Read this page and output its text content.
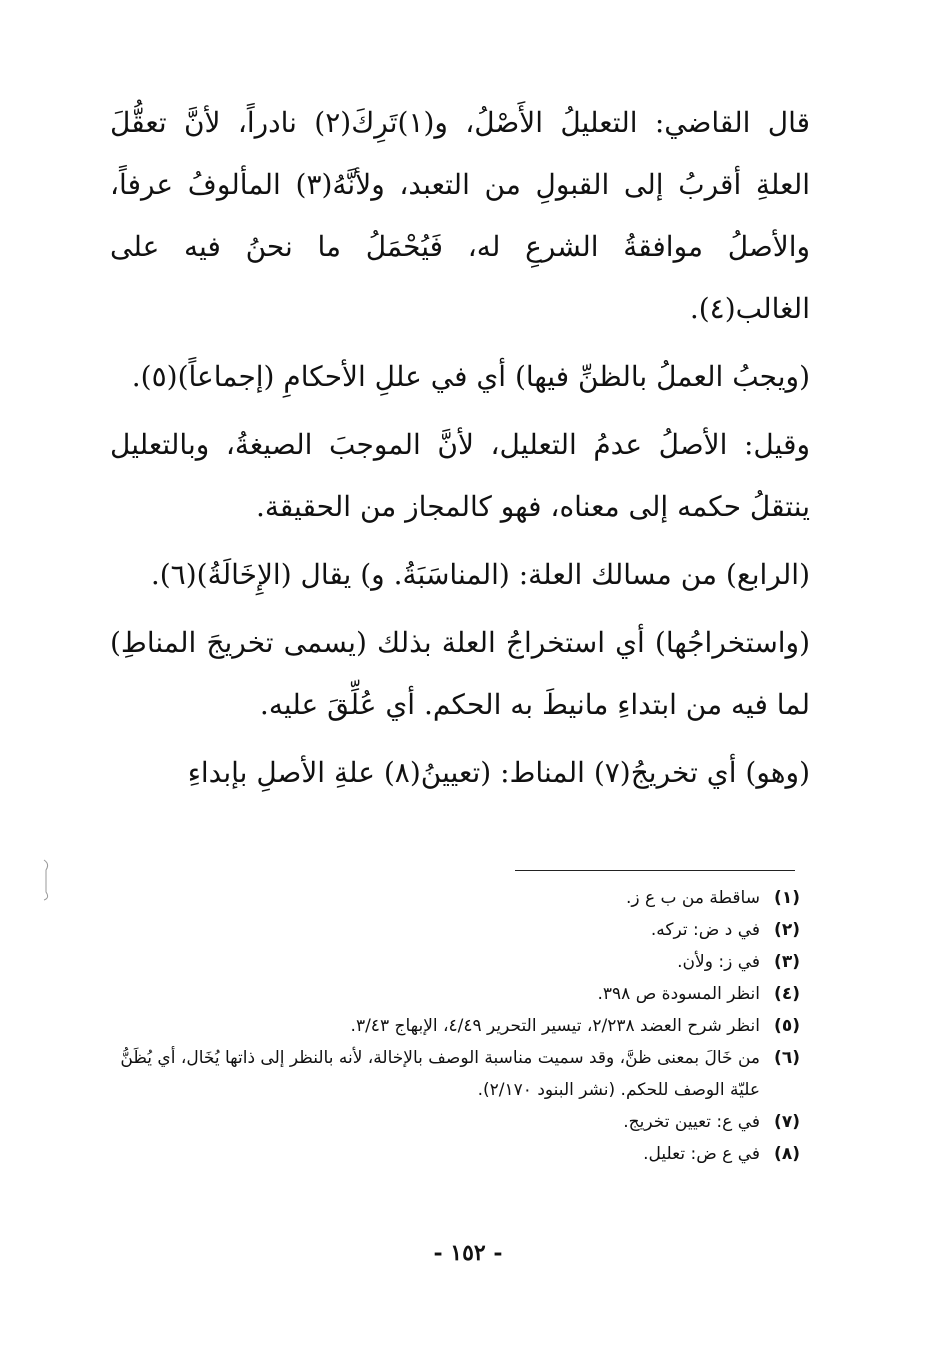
قال القاضي: التعليلُ الأَصْلُ، و(١)تَرِكَ(٢) نادراً، لأنَّ تعقُّلَ العلةِ أقربُ إلى القبولِ من التعبد، ولأنَّهُ(٣) المألوفُ عرفاً، والأصلُ موافقةُ الشرعِ له، فَيُحْمَلُ ما نحنُ فيه على الغالب(٤).

(ويجبُ العملُ بالظنِّ فيها) أي في عللِ الأحكامِ (إجماعاً)(٥).

وقيل: الأصلُ عدمُ التعليل، لأنَّ الموجبَ الصيغةُ، وبالتعليل ينتقلُ حكمه إلى معناه، فهو كالمجاز من الحقيقة.

(الرابع) من مسالك العلة: (المناسَبَةُ. و) يقال (الإِخَالَةُ)(٦).

(واستخراجُها) أي استخراجُ العلة بذلك (يسمى تخريجَ المناطِ) لما فيه من ابتداءِ مانيطَ به الحكم. أي عُلِّقَ عليه.

(وهو) أي تخريجُ(٧) المناط: (تعيينُ(٨) علةِ الأصلِ بإبداءِ

(١)
ساقطة من ب ع ز.
(٢)
في د ض: تركه.
(٣)
في ز: ولأن.
(٤)
انظر المسودة ص ٣٩٨.
(٥)
انظر شرح العضد ٢/٢٣٨، تيسير التحرير ٤/٤٩، الإبهاج ٣/٤٣.
(٦)
من خَالَ بمعنى ظنَّ، وقد سميت مناسبة الوصف بالإخالة، لأنه بالنظر إلى ذاتها يُخَال، أي يُظَنُّ عليّة الوصف للحكم. (نشر البنود ٢/١٧٠).
(٧)
في ع: تعيين تخريج.
(٨)
في ع ض: تعليل.
- ١٥٢ -
